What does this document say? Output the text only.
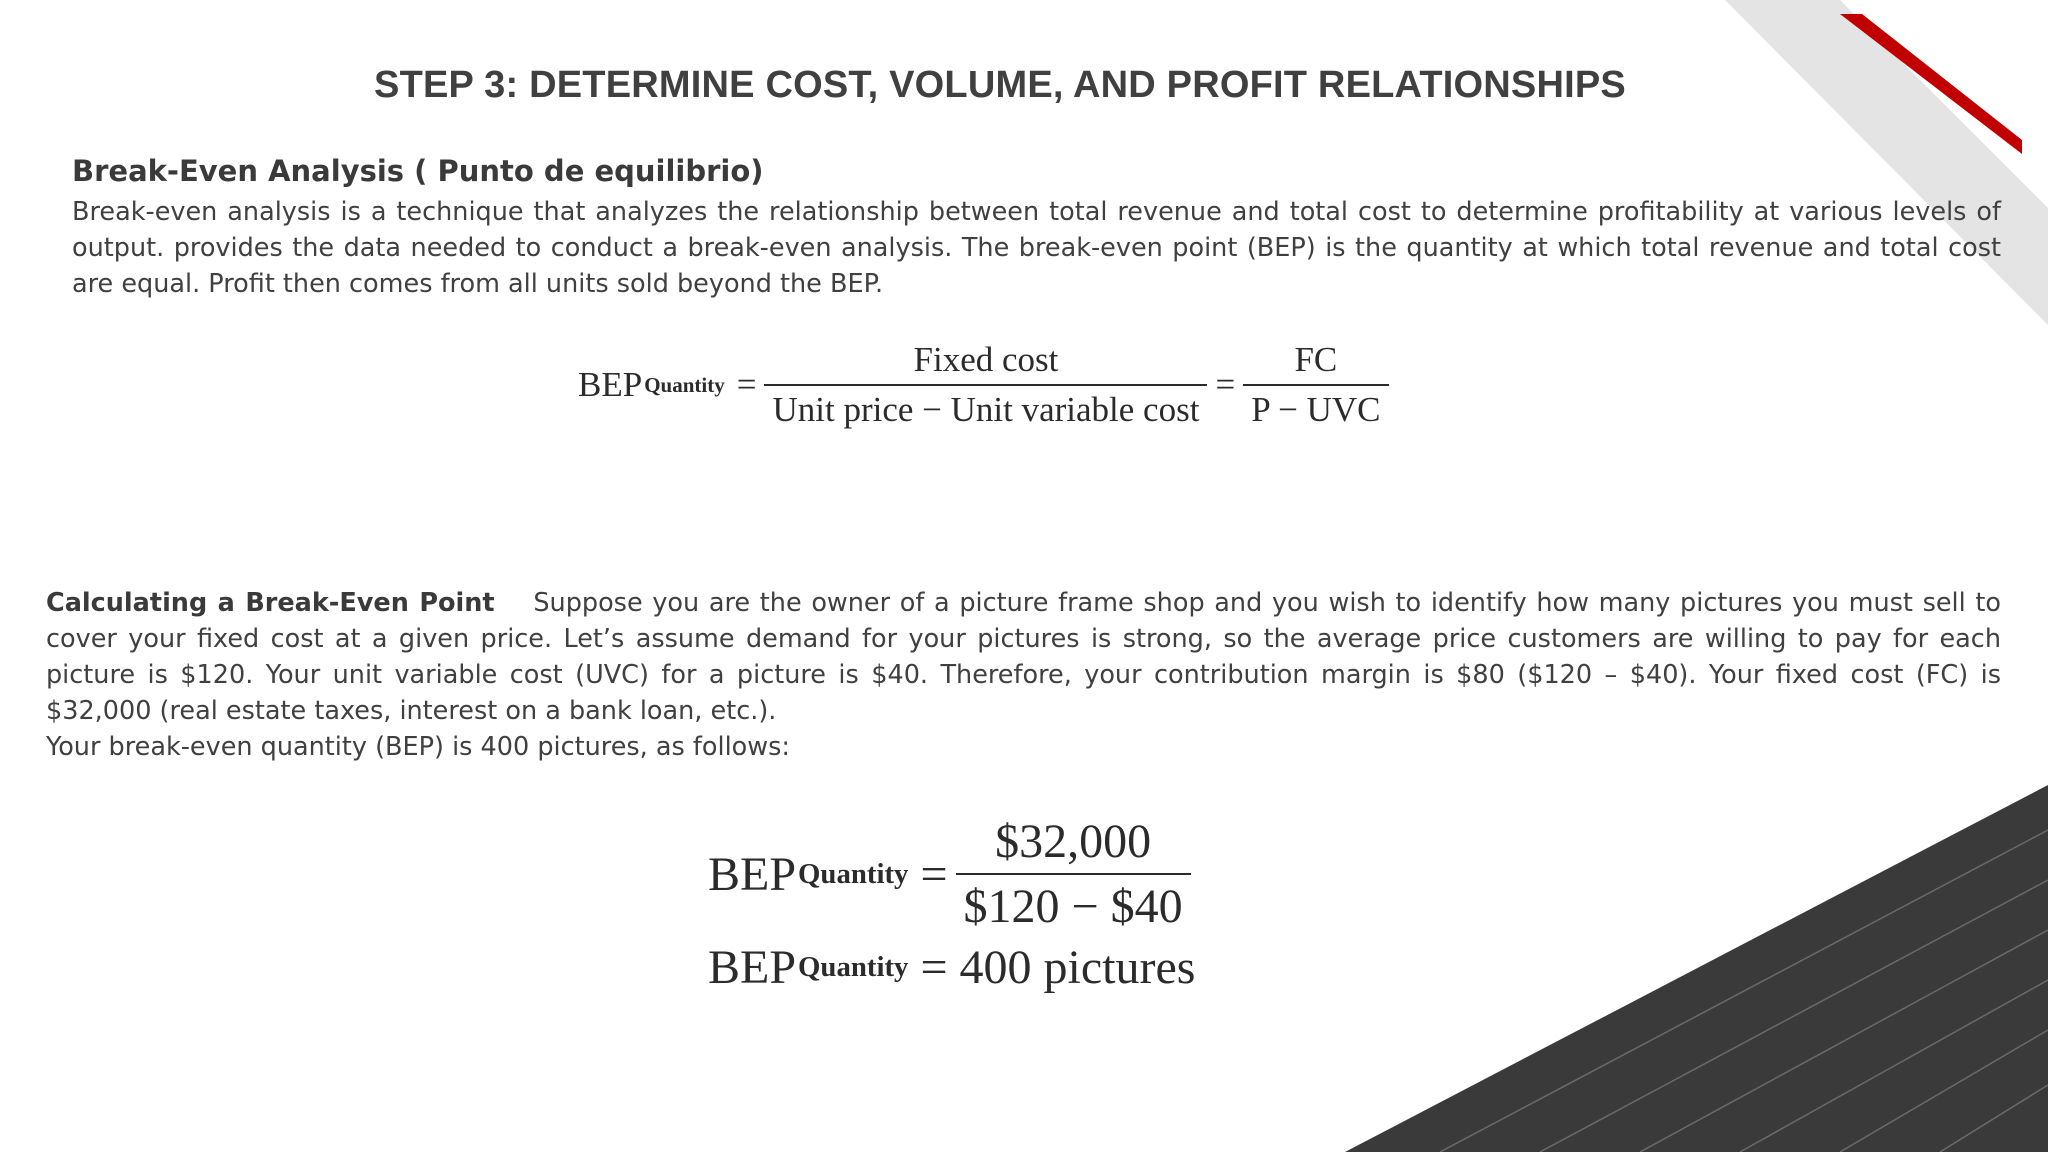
STEP 3: DETERMINE COST, VOLUME, AND PROFIT RELATIONSHIPS
Break-Even Analysis ( Punto de equilibrio)
Break-even analysis is a technique that analyzes the relationship between total revenue and total cost to determine profitability at various levels of output. provides the data needed to conduct a break-even analysis. The break-even point (BEP) is the quantity at which total revenue and total cost are equal. Profit then comes from all units sold beyond the BEP.
BEP Quantity = $\frac{\text{Fixed cost}}{\text{Unit price − Unit variable cost}} = \frac{FC}{\text{P − UVC}}$
Calculating a Break-Even Point Suppose you are the owner of a picture frame shop and you wish to identify how many pictures you must sell to cover your fixed cost at a given price. Let’s assume demand for your pictures is strong, so the average price customers are willing to pay for each picture is $120. Your unit variable cost (UVC) for a picture is $40. Therefore, your contribution margin is $80 ($120 – $40). Your fixed cost (FC) is $32,000 (real estate taxes, interest on a bank loan, etc.).
Your break-even quantity (BEP) is 400 pictures, as follows:
BEP Quantity = $\frac{\$32,000}{\$120 - \$40}$
BEP Quantity = 400 pictures
